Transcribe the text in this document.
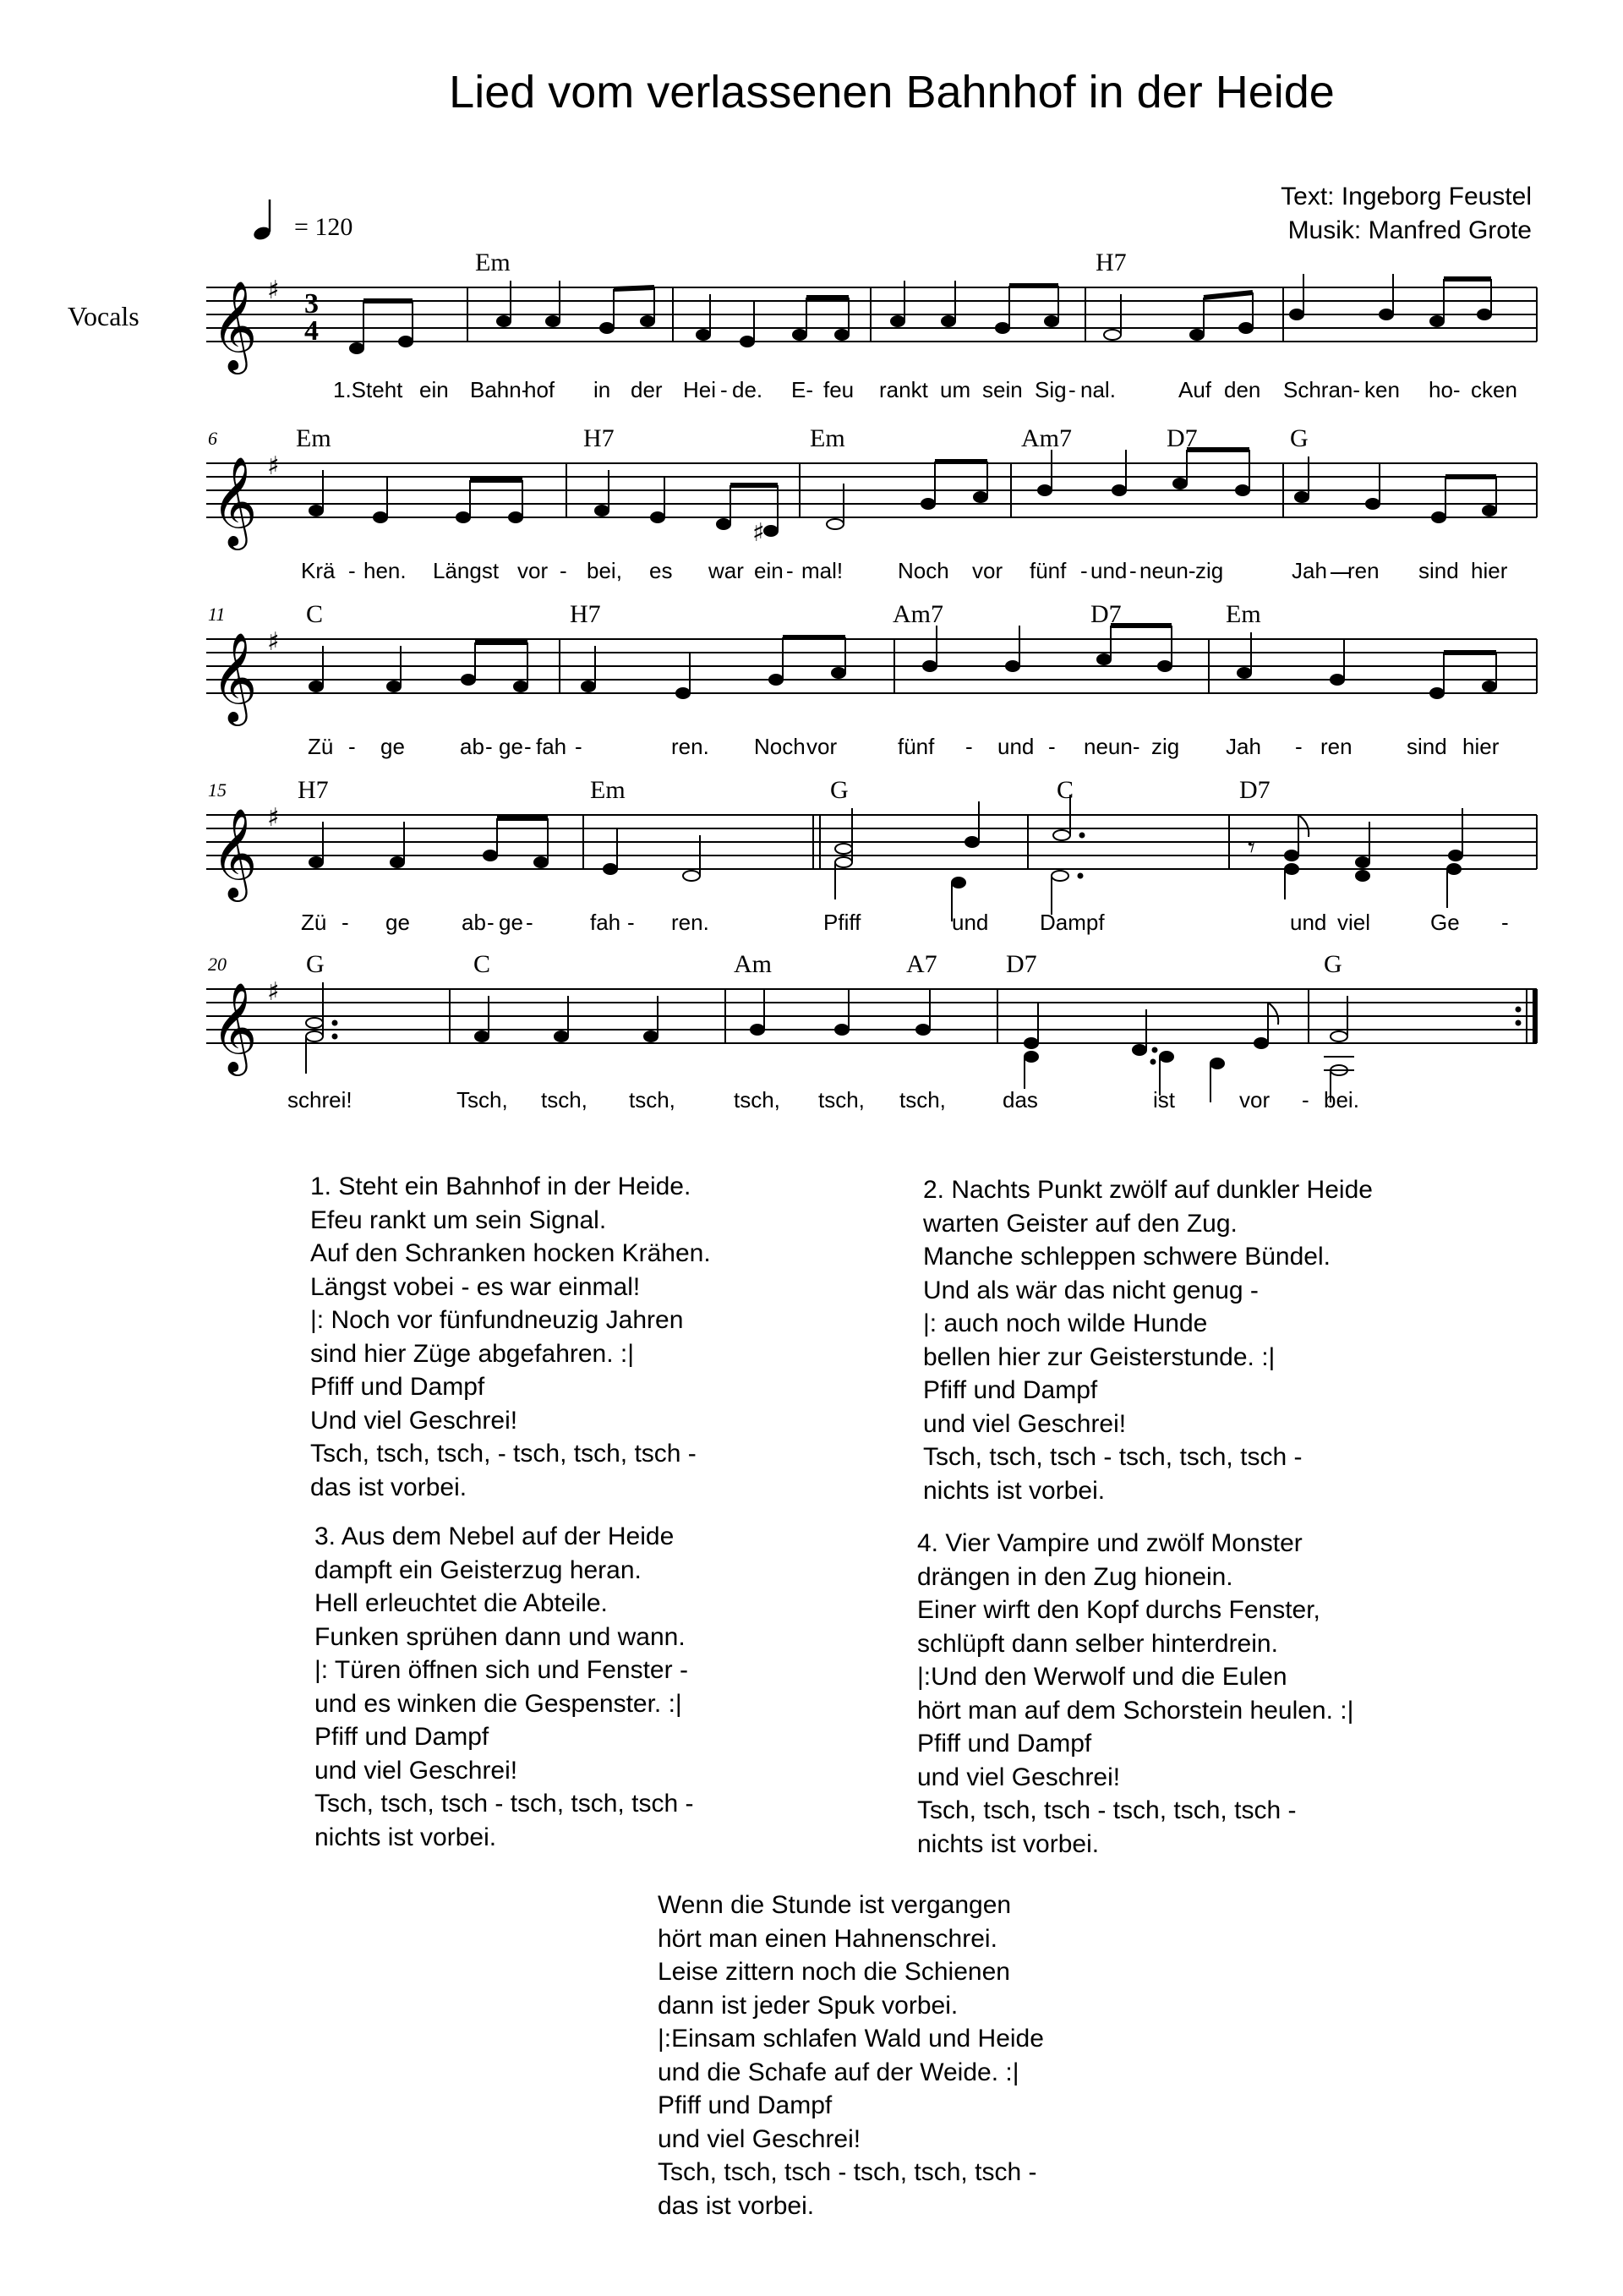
Lied vom verlassenen Bahnhof in der Heide
Text: Ingeborg Feustel
Musik: Manfred Grote
Vocals
= 120
𝄞 ♯ 3
4
Em	H7
1.Steht ein Bahn-
hof in der Hei - de. E- feu rankt um sein Sig - nal.	Auf den Schran- ken ho- cken
𝄞 ♯
6
♯
Em	H7	Em	Am7	D7	G
Krä - hen. Längst vor - bei, es war ein - mal! Noch vor fünf - und - neun- zig	Jah ren sind hier
𝄞 ♯
11	C	H7	Am7	D7	Em
Zü - ge	ab - ge - fah -	ren. Noch vor	fünf - und - neun- zig Jah - ren sind hier
𝄞 ♯
15
𝄾
H7	Em	G	C	D7
Zü - ge ab - ge -	fah - ren.	Pfiff	und Dampf	und viel	Ge -
𝄞 ♯
20	G	C	Am	A7	D7	G
schrei!	Tsch, tsch, tsch,	tsch, tsch, tsch,	das	ist	vor - bei.
1. Steht ein Bahnhof in der Heide.
Efeu rankt um sein Signal.
Auf den Schranken hocken Krähen.
Längst vobei - es war einmal!
|: Noch vor fünfundneuzig Jahren
sind hier Züge abgefahren. :|
Pfiff und Dampf
Und viel Geschrei!
Tsch, tsch, tsch, - tsch, tsch, tsch -
das ist vorbei.
2. Nachts Punkt zwölf auf dunkler Heide
warten Geister auf den Zug.
Manche schleppen schwere Bündel.
Und als wär das nicht genug -
|: auch noch wilde Hunde
bellen hier zur Geisterstunde. :|
Pfiff und Dampf
und viel Geschrei!
Tsch, tsch, tsch - tsch, tsch, tsch -
nichts ist vorbei.
3. Aus dem Nebel auf der Heide
dampft ein Geisterzug heran.
Hell erleuchtet die Abteile.
Funken sprühen dann und wann.
|: Türen öffnen sich und Fenster -
und es winken die Gespenster. :|
Pfiff und Dampf
und viel Geschrei!
Tsch, tsch, tsch - tsch, tsch, tsch -
nichts ist vorbei.
4. Vier Vampire und zwölf Monster
drängen in den Zug hionein.
Einer wirft den Kopf durchs Fenster,
schlüpft dann selber hinterdrein.
|:Und den Werwolf und die Eulen
hört man auf dem Schorstein heulen. :|
Pfiff und Dampf
und viel Geschrei!
Tsch, tsch, tsch - tsch, tsch, tsch -
nichts ist vorbei.
Wenn die Stunde ist vergangen
hört man einen Hahnenschrei.
Leise zittern noch die Schienen
dann ist jeder Spuk vorbei.
|:Einsam schlafen Wald und Heide
und die Schafe auf der Weide. :|
Pfiff und Dampf
und viel Geschrei!
Tsch, tsch, tsch - tsch, tsch, tsch -
das ist vorbei.
